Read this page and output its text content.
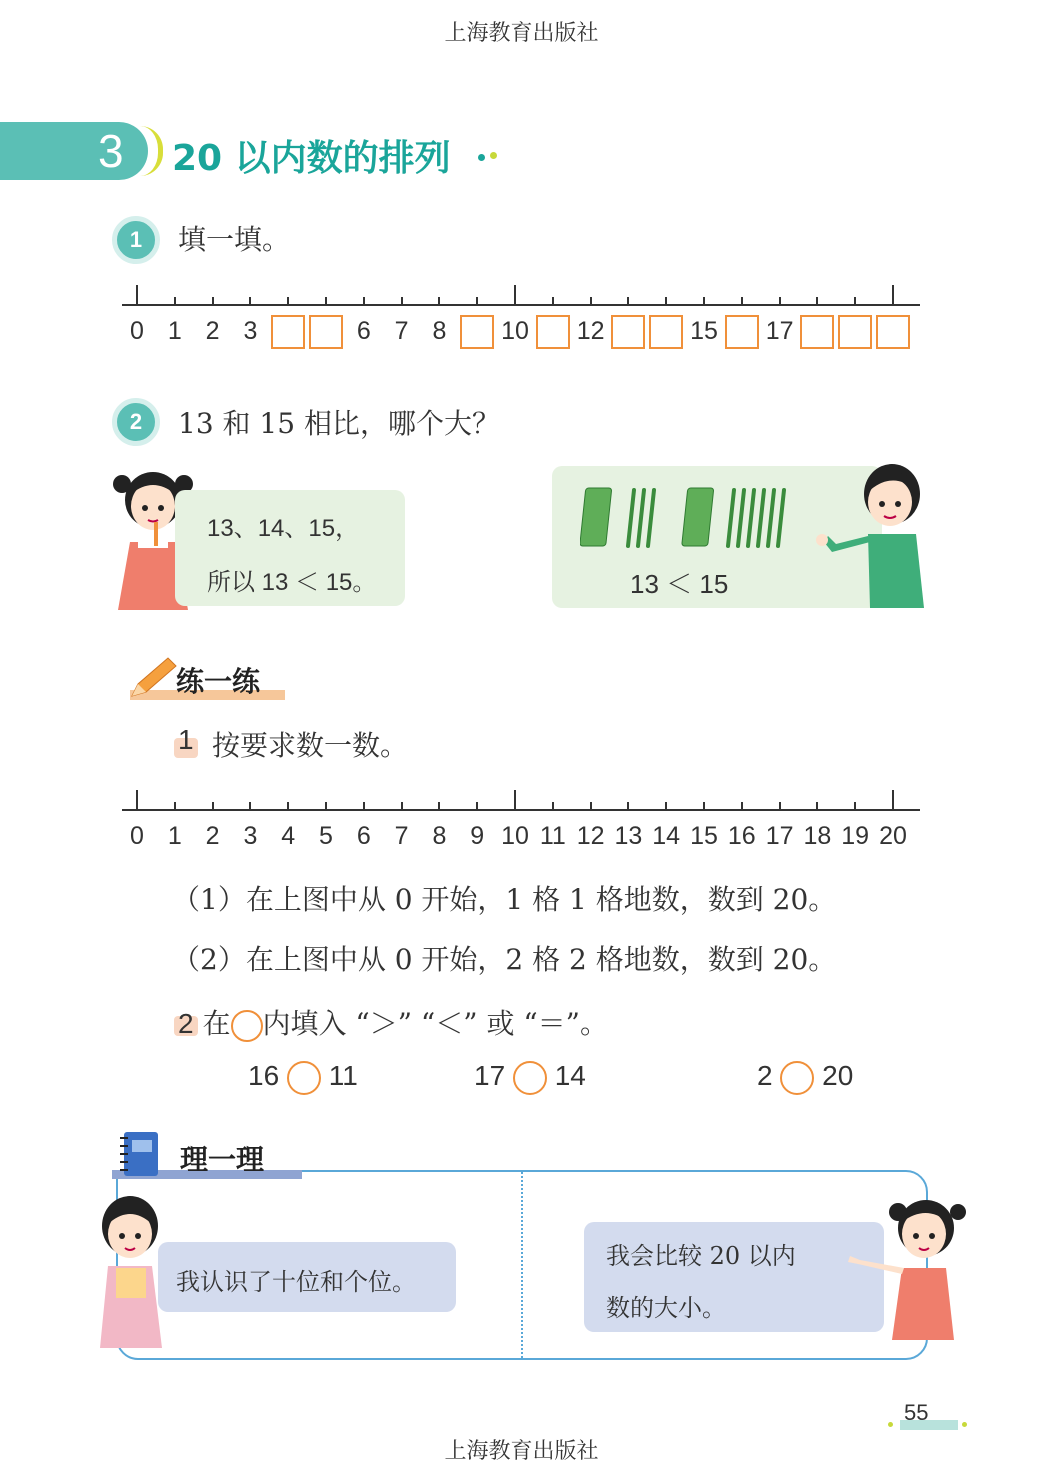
上海教育出版社
3 20 以内数的排列
1	填一填。
0 1 2 3	6 7 8	10 12	15 17
2	13 和 15 相比，哪个大？
13、14、15，
所以 13 ＜ 15。	13 ＜ 15
练一练
1 按要求数一数。
0 1 2 3 4 5 6 7 8 9 10 11 12 13 14 15 16 17 18 19 20
（1）在上图中从 0 开始，1 格 1 格地数，数到 20。
（2）在上图中从 0 开始，2 格 2 格地数，数到 20。
2 在 内填入 “＞” “＜” 或 “＝”。
16 11	17 14	2 20
理一理
我认识了十位和个位。
我会比较 20 以内
数的大小。
55
上海教育出版社
